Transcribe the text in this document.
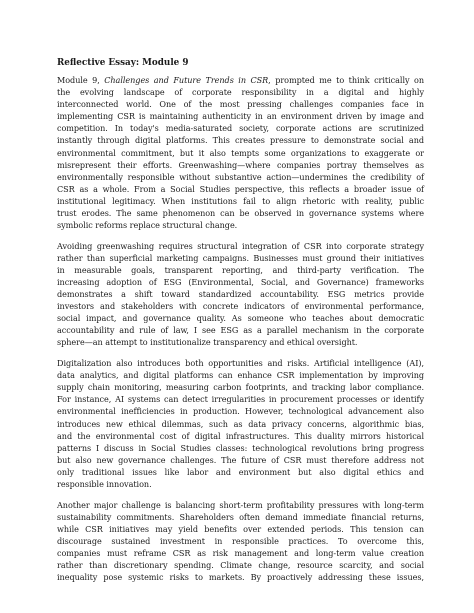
Reflective Essay: Module 9
Module 9, Challenges and Future Trends in CSR, prompted me to think critically on
the evolving landscape of corporate responsibility in a digital and highly
interconnected world. One of the most pressing challenges companies face in
implementing CSR is maintaining authenticity in an environment driven by image and
competition. In today's media-saturated society, corporate actions are scrutinized
instantly through digital platforms. This creates pressure to demonstrate social and
environmental commitment, but it also tempts some organizations to exaggerate or
misrepresent their efforts. Greenwashing—where companies portray themselves as
environmentally responsible without substantive action—undermines the credibility of
CSR as a whole. From a Social Studies perspective, this reflects a broader issue of
institutional legitimacy. When institutions fail to align rhetoric with reality, public
trust erodes. The same phenomenon can be observed in governance systems where
symbolic reforms replace structural change.
Avoiding greenwashing requires structural integration of CSR into corporate strategy
rather than superficial marketing campaigns. Businesses must ground their initiatives
in measurable goals, transparent reporting, and third-party verification. The
increasing adoption of ESG (Environmental, Social, and Governance) frameworks
demonstrates a shift toward standardized accountability. ESG metrics provide
investors and stakeholders with concrete indicators of environmental performance,
social impact, and governance quality. As someone who teaches about democratic
accountability and rule of law, I see ESG as a parallel mechanism in the corporate
sphere—an attempt to institutionalize transparency and ethical oversight.
Digitalization also introduces both opportunities and risks. Artificial intelligence (AI),
data analytics, and digital platforms can enhance CSR implementation by improving
supply chain monitoring, measuring carbon footprints, and tracking labor compliance.
For instance, AI systems can detect irregularities in procurement processes or identify
environmental inefficiencies in production. However, technological advancement also
introduces new ethical dilemmas, such as data privacy concerns, algorithmic bias,
and the environmental cost of digital infrastructures. This duality mirrors historical
patterns I discuss in Social Studies classes: technological revolutions bring progress
but also new governance challenges. The future of CSR must therefore address not
only traditional issues like labor and environment but also digital ethics and
responsible innovation.
Another major challenge is balancing short-term profitability pressures with long-term
sustainability commitments. Shareholders often demand immediate financial returns,
while CSR initiatives may yield benefits over extended periods. This tension can
discourage sustained investment in responsible practices. To overcome this,
companies must reframe CSR as risk management and long-term value creation
rather than discretionary spending. Climate change, resource scarcity, and social
inequality pose systemic risks to markets. By proactively addressing these issues,
